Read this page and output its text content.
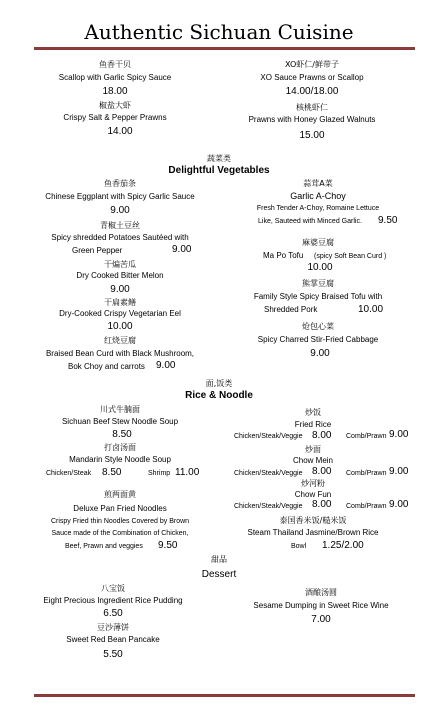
Authentic Sichuan Cuisine
鱼香干贝
Scallop with Garlic Spicy Sauce
18.00
XO虾仁/鲜带子
XO Sauce Prawns or Scallop
14.00/18.00
椒盐大虾
Crispy Salt & Pepper Prawns
14.00
核桃虾仁
Prawns with Honey Glazed Walnuts
15.00
蔬菜类
Delightful Vegetables
鱼香茄条
Chinese Eggplant with Spicy Garlic Sauce
9.00
蒜茸A菜
Garlic A-Choy
Fresh Tender A-Choy, Romaine Lettuce
Like, Sauteed with Minced Garlic. 9.50
青椒土豆丝
Spicy shredded Potatoes Sautéed with
Green Pepper	9.00
麻婆豆腐
Ma Po Tofu (spicy Soft Bean Curd )
10.00
干煸苦瓜
Dry Cooked Bitter Melon
9.00
熊掌豆腐
Family Style Spicy Braised Tofu with
Shredded Pork	10.00
干扁素鳝
Dry-Cooked Crispy Vegetarian Eel
10.00	炝包心菜
Spicy Charred Stir-Fried Cabbage
9.00
红烧豆腐
Braised Bean Curd with Black Mushroom,
Bok Choy and carrots 9.00
面,饭类
Rice & Noodle
川式牛腩面
Sichuan Beef Stew Noodle Soup
8.50
炒饭
Fried Rice
Chicken/Steak/Veggie 8.00 Comb/Prawn 9.00
打卤汤面
Mandarin Style Noodle Soup
Chicken/Steak 8.50	Shrimp 11.00
炒面
Chow Mein
Chicken/Steak/Veggie 8.00 Comb/Prawn 9.00
炒河粉
Chow Fun
Chicken/Steak/Veggie 8.00 Comb/Prawn 9.00
煎两面黄
Deluxe Pan Fried Noodles
Crispy Fried thin Noodles Covered by Brown
Sauce made of the Combination of Chicken,
Beef, Prawn and veggies 9.50
泰国香米饭/糙米饭
Steam Thailand Jasmine/Brown Rice
Bowl 1.25/2.00
甜品
Dessert
八宝饭
Eight Precious Ingredient Rice Pudding
6.50
酒酿汤圆
Sesame Dumping in Sweet Rice Wine
7.00
豆沙薄饼
Sweet Red Bean Pancake
5.50
